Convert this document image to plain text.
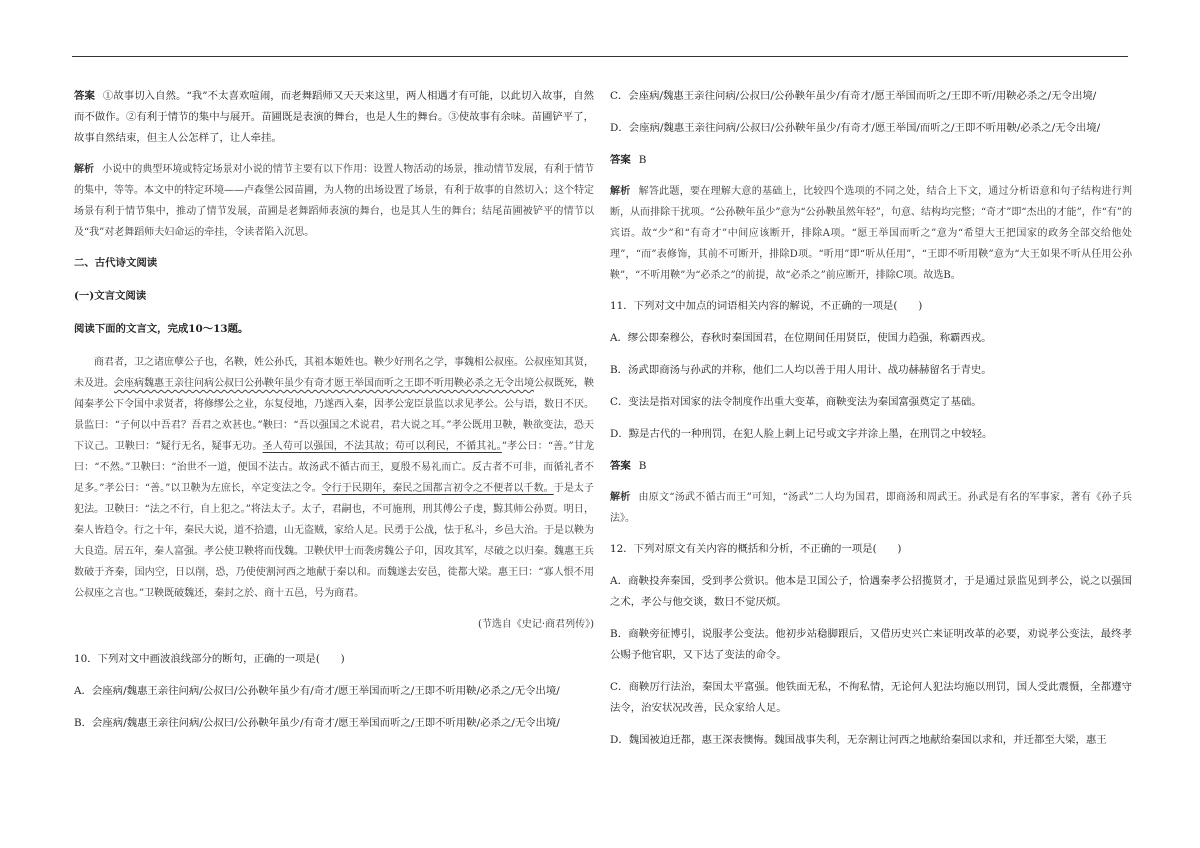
答案 ①故事切入自然。“我”不太喜欢喧闹，而老舞蹈师又天天来这里，两人相遇才有可能，以此切入故事，自然而不做作。②有利于情节的集中与展开。苗圃既是表演的舞台，也是人生的舞台。③使故事有余味。苗圃铲平了，故事自然结束，但主人公怎样了，让人牵挂。

解析 小说中的典型环境或特定场景对小说的情节主要有以下作用：设置人物活动的场景，推动情节发展，有利于情节的集中，等等。本文中的特定环境——卢森堡公园苗圃，为人物的出场设置了场景，有利于故事的自然切入；这个特定场景有利于情节集中，推动了情节发展，苗圃是老舞蹈师表演的舞台，也是其人生的舞台；结尾苗圃被铲平的情节以及“我”对老舞蹈师夫妇命运的牵挂，令读者陷入沉思。

二、古代诗文阅读
(一)文言文阅读
阅读下面的文言文，完成10～13题。

商君者，卫之诸庶孽公子也，名鞅，姓公孙氏，其祖本姬姓也。鞅少好刑名之学，事魏相公叔座。公叔座知其贤，未及进。会座病魏惠王亲往问病公叔曰公孙鞅年虽少有奇才愿王举国而听之王即不听用鞅必杀之无令出境公叔既死，鞅闻秦孝公下令国中求贤者，将修缪公之业，东复侵地，乃遂西入秦，因孝公宠臣景监以求见孝公。公与语，数日不厌。景监曰：“子何以中吾君？吾君之欢甚也。”鞅曰：“吾以强国之术说君，君大说之耳。”孝公既用卫鞅，鞅欲变法，恐天下议己。卫鞅曰：“疑行无名，疑事无功。圣人苟可以强国，不法其故；苟可以利民，不循其礼。”孝公曰：“善。”甘龙曰：“不然。”卫鞅曰：“治世不一道，便国不法古。故汤武不循古而王，夏殷不易礼而亡。反古者不可非，而循礼者不足多。”孝公曰：“善。”以卫鞅为左庶长，卒定变法之令。令行于民期年，秦民之国都言初令之不便者以千数。于是太子犯法。卫鞅曰：“法之不行，自上犯之。”将法太子。太子，君嗣也，不可施刑，刑其傅公子虔，黥其师公孙贾。明日，秦人皆趋令。行之十年，秦民大说，道不拾遗，山无盗贼，家给人足。民勇于公战，怯于私斗，乡邑大治。于是以鞅为大良造。居五年，秦人富强。孝公使卫鞅将而伐魏。卫鞅伏甲士而袭虏魏公子卬，因攻其军，尽破之以归秦。魏惠王兵数破于齐秦，国内空，日以削，恐，乃使使割河西之地献于秦以和。而魏遂去安邑，徙都大梁。惠王曰：“寡人恨不用公叔座之言也。”卫鞅既破魏还，秦封之於、商十五邑，号为商君。

(节选自《史记·商君列传》)

10．下列对文中画波浪线部分的断句，正确的一项是(　　)

A．会座病/魏惠王亲往问病/公叔曰/公孙鞅年虽少有/奇才/愿王举国而听之/王即不听用鞅/必杀之/无令出境/

B．会座病/魏惠王亲往问病/公叔曰/公孙鞅年虽少/有奇才/愿王举国而听之/王即不听用鞅/必杀之/无令出境/

C．会座病/魏惠王亲往问病/公叔曰/公孙鞅年虽少/有奇才/愿王举国而听之/王即不听/用鞅必杀之/无令出境/

D．会座病/魏惠王亲往问病/公叔曰/公孙鞅年虽少/有奇才/愿王举国/而听之/王即不听用鞅/必杀之/无令出境/

答案 B

解析 解答此题，要在理解大意的基础上，比较四个选项的不同之处，结合上下文，通过分析语意和句子结构进行判断，从而排除干扰项。“公孙鞅年虽少”意为“公孙鞅虽然年轻”，句意、结构均完整；“奇才”即“杰出的才能”，作“有”的宾语。故“少”和“有奇才”中间应该断开，排除A项。“愿王举国而听之”意为“希望大王把国家的政务全部交给他处理”，“而”表修饰，其前不可断开，排除D项。“听用”即“听从任用”，“王即不听用鞅”意为“大王如果不听从任用公孙鞅”，“不听用鞅”为“必杀之”的前提，故“必杀之”前应断开，排除C项。故选B。

11．下列对文中加点的词语相关内容的解说，不正确的一项是(　　)

A．缪公即秦穆公，春秋时秦国国君，在位期间任用贤臣，使国力趋强，称霸西戎。

B．汤武即商汤与孙武的并称，他们二人均以善于用人用计、战功赫赫留名于青史。

C．变法是指对国家的法令制度作出重大变革，商鞅变法为秦国富强奠定了基础。

D．黥是古代的一种刑罚，在犯人脸上刺上记号或文字并涂上墨，在刑罚之中较轻。

答案 B

解析 由原文“汤武不循古而王”可知，“汤武”二人均为国君，即商汤和周武王。孙武是有名的军事家，著有《孙子兵法》。

12．下列对原文有关内容的概括和分析，不正确的一项是(　　)

A．商鞅投奔秦国，受到孝公赏识。他本是卫国公子，恰遇秦孝公招揽贤才，于是通过景监见到孝公，说之以强国之术，孝公与他交谈，数日不觉厌烦。

B．商鞅旁征博引，说服孝公变法。他初步站稳脚跟后，又借历史兴亡来证明改革的必要，劝说孝公变法，最终孝公赐予他官职，又下达了变法的命令。

C．商鞅厉行法治，秦国太平富强。他铁面无私，不徇私情，无论何人犯法均施以刑罚，国人受此震慑，全都遵守法令，治安状况改善，民众家给人足。

D．魏国被迫迁都，惠王深表懊悔。魏国战事失利，无奈割让河西之地献给秦国以求和，并迁都至大梁，惠王
